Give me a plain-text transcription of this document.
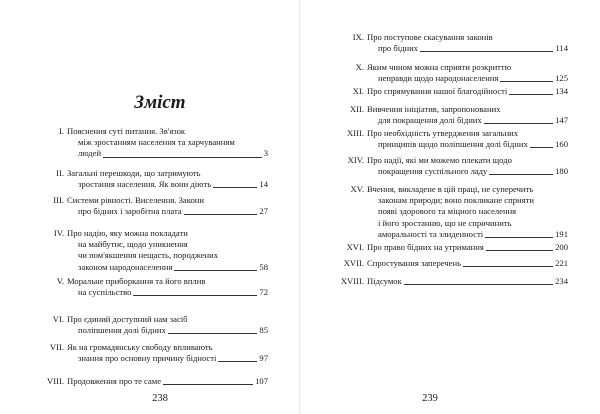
Зміст
I. Пояснення суті питання. Зв'язок
між зростанням населення та харчуванням
людей	3
II. Загальні перешкоди, що затримують
зростання населення. Як вони діють	14
III. Системи рівності. Виселення. Закони
про бідних і заробітна плата	27
IV. Про надію, яку можна покладати
на майбутнє, щодо уникнення
чи пом'якшення нещасть, породжених
законом народонаселення	58
V. Моральне приборкання та його вплив
на суспільство	72
VI. Про єдиний доступний нам засіб
поліпшення долі бідних	85
VII. Як на громадянську свободу впливають
знання про основну причину бідності	97
VIII. Продовження про те саме	107
238
IX. Про поступове скасування законів
про бідних	114
X. Яким чином можна сприяти розкриттю
неправди щодо народонаселення	125
XI. Про спрямування нашої благодійності	134
XII. Вивчення ініціатив, запропонованих
для покращення долі бідних	147
XIII. Про необхідність утвердження загальних
принципів щодо поліпшення долі бідних	160
XIV. Про надії, які ми можемо плекати щодо
покращення суспільного ладу	180
XV. Вчення, викладене в цій праці, не суперечить
законам природи; воно покликане сприяти
появі здорового та міцного населення
і його зростанню, що не спричинить
аморальності та злиденності	191
XVI. Про право бідних на утримання	200
XVII. Спростування заперечень	221
XVIII. Підсумок	234
239
